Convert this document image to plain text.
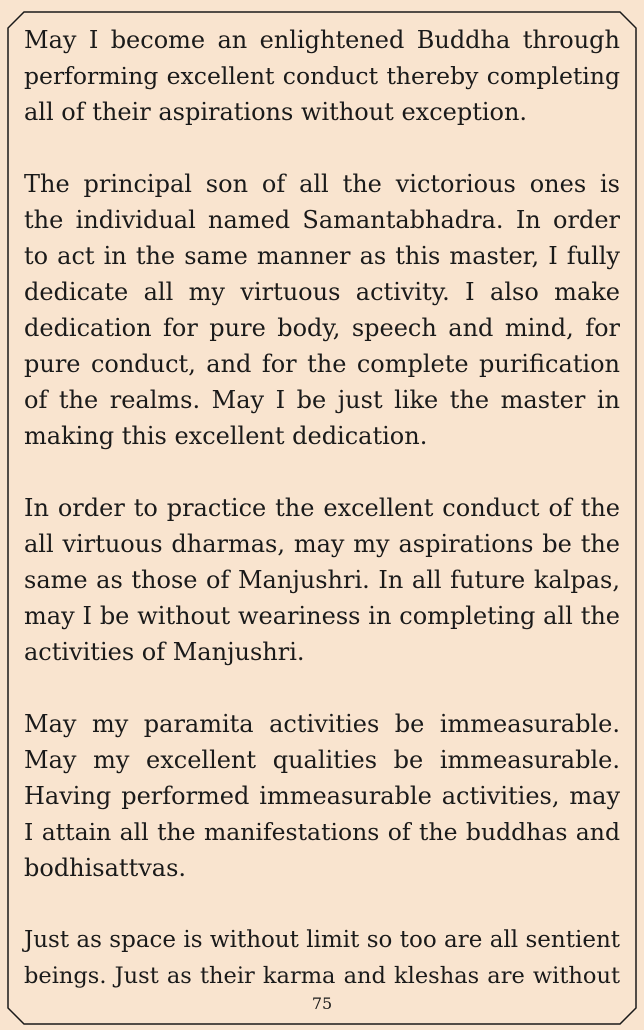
May I become an enlightened Buddha through
performing excellent conduct thereby completing
all of their aspirations without exception.

The principal son of all the victorious ones is
the individual named Samantabhadra. In order
to act in the same manner as this master, I fully
dedicate all my virtuous activity. I also make
dedication for pure body, speech and mind, for
pure conduct, and for the complete purification
of the realms. May I be just like the master in
making this excellent dedication.

In order to practice the excellent conduct of the
all virtuous dharmas, may my aspirations be the
same as those of Manjushri. In all future kalpas,
may I be without weariness in completing all the
activities of Manjushri.

May my paramita activities be immeasurable.
May my excellent qualities be immeasurable.
Having performed immeasurable activities, may
I attain all the manifestations of the buddhas and
bodhisattvas.

Just as space is without limit so too are all sentient
beings. Just as their karma and kleshas are without

75
